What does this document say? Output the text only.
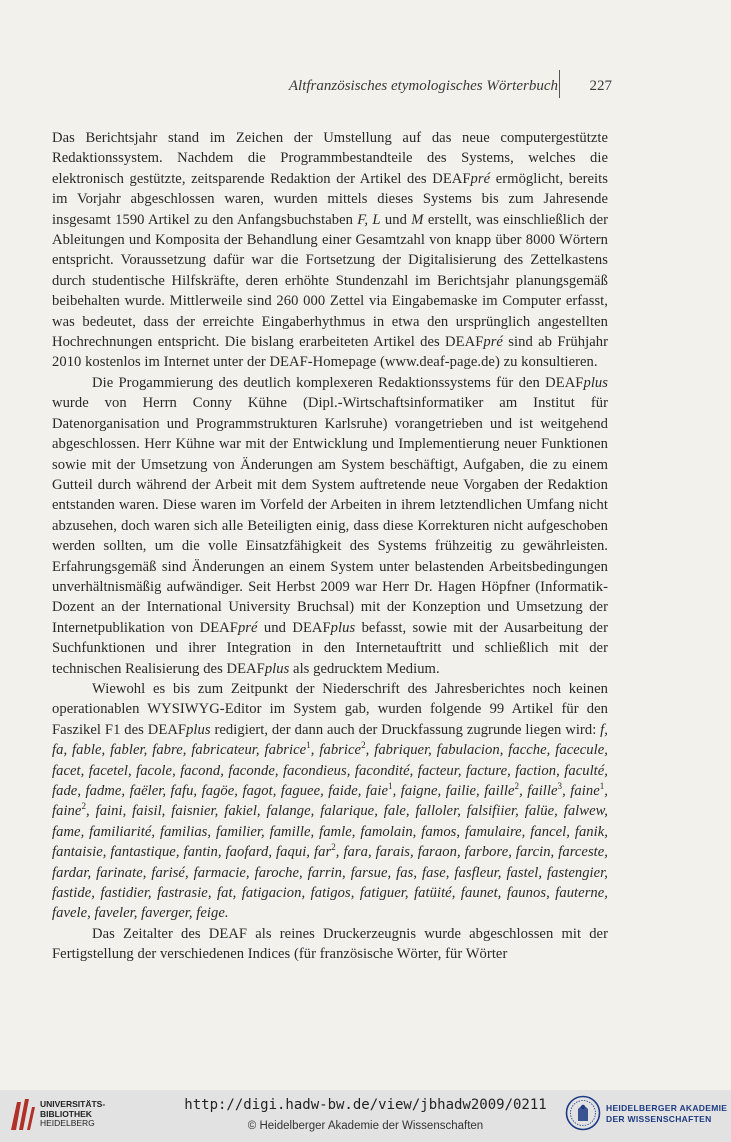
Altfranzösisches etymologisches Wörterbuch 227

Das Berichtsjahr stand im Zeichen der Umstellung auf das neue computergestützte Redaktionssystem. Nachdem die Programmbestandteile des Systems, welches die elektronisch gestützte, zeitsparende Redaktion der Artikel des DEAFpré ermöglicht, bereits im Vorjahr abgeschlossen waren, wurden mittels dieses Systems bis zum Jahresende insgesamt 1590 Artikel zu den Anfangsbuchstaben F, L und M erstellt, was einschließlich der Ableitungen und Komposita der Behandlung einer Gesamtzahl von knapp über 8000 Wörtern entspricht. Voraussetzung dafür war die Fortsetzung der Digitalisierung des Zettelkastens durch studentische Hilfskräfte, deren erhöhte Stundenzahl im Berichtsjahr planungsgemäß beibehalten wurde. Mittlerweile sind 260 000 Zettel via Eingabemaske im Computer erfasst, was bedeutet, dass der erreichte Eingaberhythmus in etwa den ursprünglich angestellten Hochrechnungen entspricht. Die bislang erarbeiteten Artikel des DEAFpré sind ab Frühjahr 2010 kostenlos im Internet unter der DEAF-Homepage (www.deaf-page.de) zu konsultieren.

Die Progammierung des deutlich komplexeren Redaktionssystems für den DEAFplus wurde von Herrn Conny Kühne (Dipl.-Wirtschaftsinformatiker am Institut für Datenorganisation und Programmstrukturen Karlsruhe) vorangetrieben und ist weitgehend abgeschlossen. Herr Kühne war mit der Entwicklung und Implementierung neuer Funktionen sowie mit der Umsetzung von Änderungen am System beschäftigt, Aufgaben, die zu einem Gutteil durch während der Arbeit mit dem System auftretende neue Vorgaben der Redaktion entstanden waren. Diese waren im Vorfeld der Arbeiten in ihrem letztendlichen Umfang nicht abzusehen, doch waren sich alle Beteiligten einig, dass diese Korrekturen nicht aufgeschoben werden sollten, um die volle Einsatzfähigkeit des Systems frühzeitig zu gewährleisten. Erfahrungsgemäß sind Änderungen an einem System unter belastenden Arbeitsbedingungen unverhältnismäßig aufwändiger. Seit Herbst 2009 war Herr Dr. Hagen Höpfner (Informatik-Dozent an der International University Bruchsal) mit der Konzeption und Umsetzung der Internetpublikation von DEAFpré und DEAFplus befasst, sowie mit der Ausarbeitung der Suchfunktionen und ihrer Integration in den Internetauftritt und schließlich mit der technischen Realisierung des DEAFplus als gedrucktem Medium.

Wiewohl es bis zum Zeitpunkt der Niederschrift des Jahresberichtes noch keinen operationablen WYSIWYG-Editor im System gab, wurden folgende 99 Artikel für den Faszikel F1 des DEAFplus redigiert, der dann auch der Druckfassung zugrunde liegen wird: f, fa, fable, fabler, fabre, fabricateur, fabrice$^1$, fabrice$^2$, fabriquer, fabulacion, facche, facecule, facet, facetel, facole, facond, faconde, facondieus, facondité, facteur, facture, faction, faculté, fade, fadme, faëler, fafu, fagöe, fagot, faguee, faide, faie$^1$, faigne, failie, faille$^2$, faille$^3$, faine$^1$, faine$^2$, faini, faisil, faisnier, fakiel, falange, falarique, fale, falloler, falsifiier, falüe, falwew, fame, familiarité, familias, familier, famille, famle, famolain, famos, famulaire, fancel, fanik, fantaisie, fantastique, fantin, faofard, faqui, far$^2$, fara, farais, faraon, farbore, farcin, farceste, fardar, farinate, farisé, farmacie, faroche, farrin, farsue, fas, fase, fasfleur, fastel, fastengier, fastide, fastidier, fastrasie, fat, fatigacion, fatigos, fatiguer, fatüité, faunet, faunos, fauterne, favele, faveler, faverger, feige.

Das Zeitalter des DEAF als reines Druckerzeugnis wurde abgeschlossen mit der Fertigstellung der verschiedenen Indices (für französische Wörter, für Wörter

UNIVERSITÄTS-
BIBLIOTHEK
HEIDELBERG
http://digi.hadw-bw.de/view/jbhadw2009/0211
© Heidelberger Akademie der Wissenschaften
HEIDELBERGER AKADEMIE
DER WISSENSCHAFTEN
